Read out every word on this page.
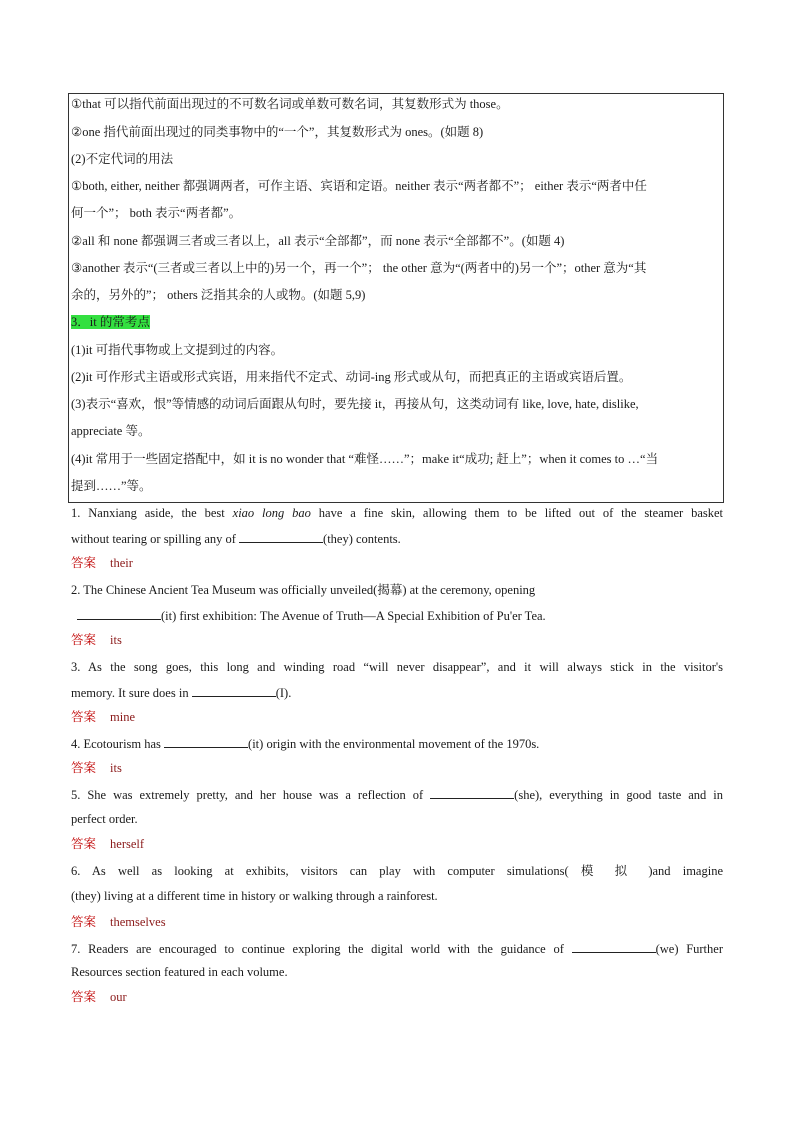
①that 可以指代前面出现过的不可数名词或单数可数名词，其复数形式为 those。
②one 指代前面出现过的同类事物中的“一个”，其复数形式为 ones。(如题 8)
(2)不定代词的用法
①both, either, neither 都强调两者，可作主语、宾语和定语。neither 表示“两者都不”； either 表示“两者中任
何一个”； both 表示“两者都”。
②all 和 none 都强调三者或三者以上，all 表示“全部都”，而 none 表示“全部都不”。(如题 4)
③another 表示“(三者或三者以上中的)另一个，再一个”； the other 意为“(两者中的)另一个”；other 意为“其
余的，另外的”； others 泛指其余的人或物。(如题 5,9)
3．it 的常考点
(1)it 可指代事物或上文提到过的内容。
(2)it 可作形式主语或形式宾语，用来指代不定式、动词-ing 形式或从句，而把真正的主语或宾语后置。
(3)表示“喜欢，恨”等情感的动词后面跟从句时，要先接 it，再接从句，这类动词有 like, love, hate, dislike,
appreciate 等。
(4)it 常用于一些固定搭配中，如 it is no wonder that “难怪……”；make it“成功; 赶上”；when it comes to …“当
提到……”等。
1. Nanxiang aside, the best xiao long bao have a fine skin, allowing them to be lifted out of the steamer basket
without tearing or spilling any of	(they) contents.
答案 their
2. The Chinese Ancient Tea Museum was officially unveiled(揭幕) at the ceremony, opening
(it) first exhibition: The Avenue of Truth—A Special Exhibition of Pu'er Tea.
答案 its
3. As the song goes, this long and winding road “will never disappear”, and it will always stick in the visitor's
memory. It sure does in	(I).
答案 mine
4. Ecotourism has	(it) origin with the environmental movement of the 1970s.
答案 its
5. She was extremely pretty, and her house was a reflection of	(she), everything in good taste and in
perfect order.
答案 herself
6. As well as looking at exhibits, visitors can play with computer simulations( 模 拟 )and imagine
(they) living at a different time in history or walking through a rainforest.
答案 themselves
7. Readers are encouraged to continue exploring the digital world with the guidance of	(we) Further
Resources section featured in each volume.
答案 our
